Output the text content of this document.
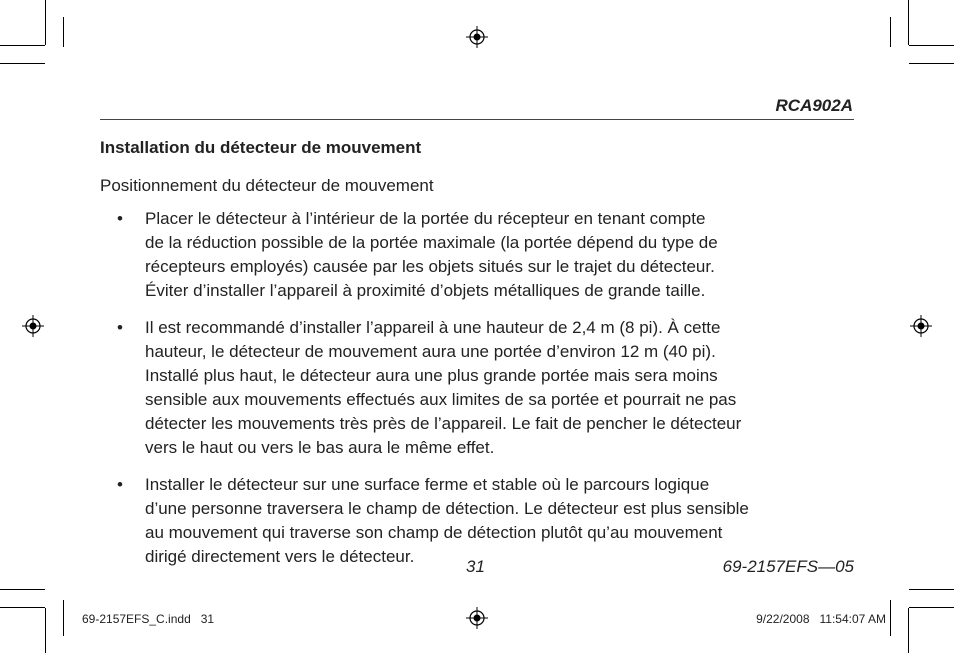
RCA902A
Installation du détecteur de mouvement
Positionnement du détecteur de mouvement
• Placer le détecteur à l’intérieur de la portée du récepteur en tenant compte
de la réduction possible de la portée maximale (la portée dépend du type de
récepteurs employés) causée par les objets situés sur le trajet du détecteur.
Éviter d’installer l’appareil à proximité d’objets métalliques de grande taille.
• Il est recommandé d’installer l’appareil à une hauteur de 2,4 m (8 pi). À cette
hauteur, le détecteur de mouvement aura une portée d’environ 12 m (40 pi).
Installé plus haut, le détecteur aura une plus grande portée mais sera moins
sensible aux mouvements effectués aux limites de sa portée et pourrait ne pas
détecter les mouvements très près de l’appareil. Le fait de pencher le détecteur
vers le haut ou vers le bas aura le même effet.
• Installer le détecteur sur une surface ferme et stable où le parcours logique
d’une personne traversera le champ de détection. Le détecteur est plus sensible
au mouvement qui traverse son champ de détection plutôt qu’au mouvement
dirigé directement vers le détecteur.
31	69-2157EFS—05
69-2157EFS_C.indd   31	9/22/2008   11:54:07 AM
